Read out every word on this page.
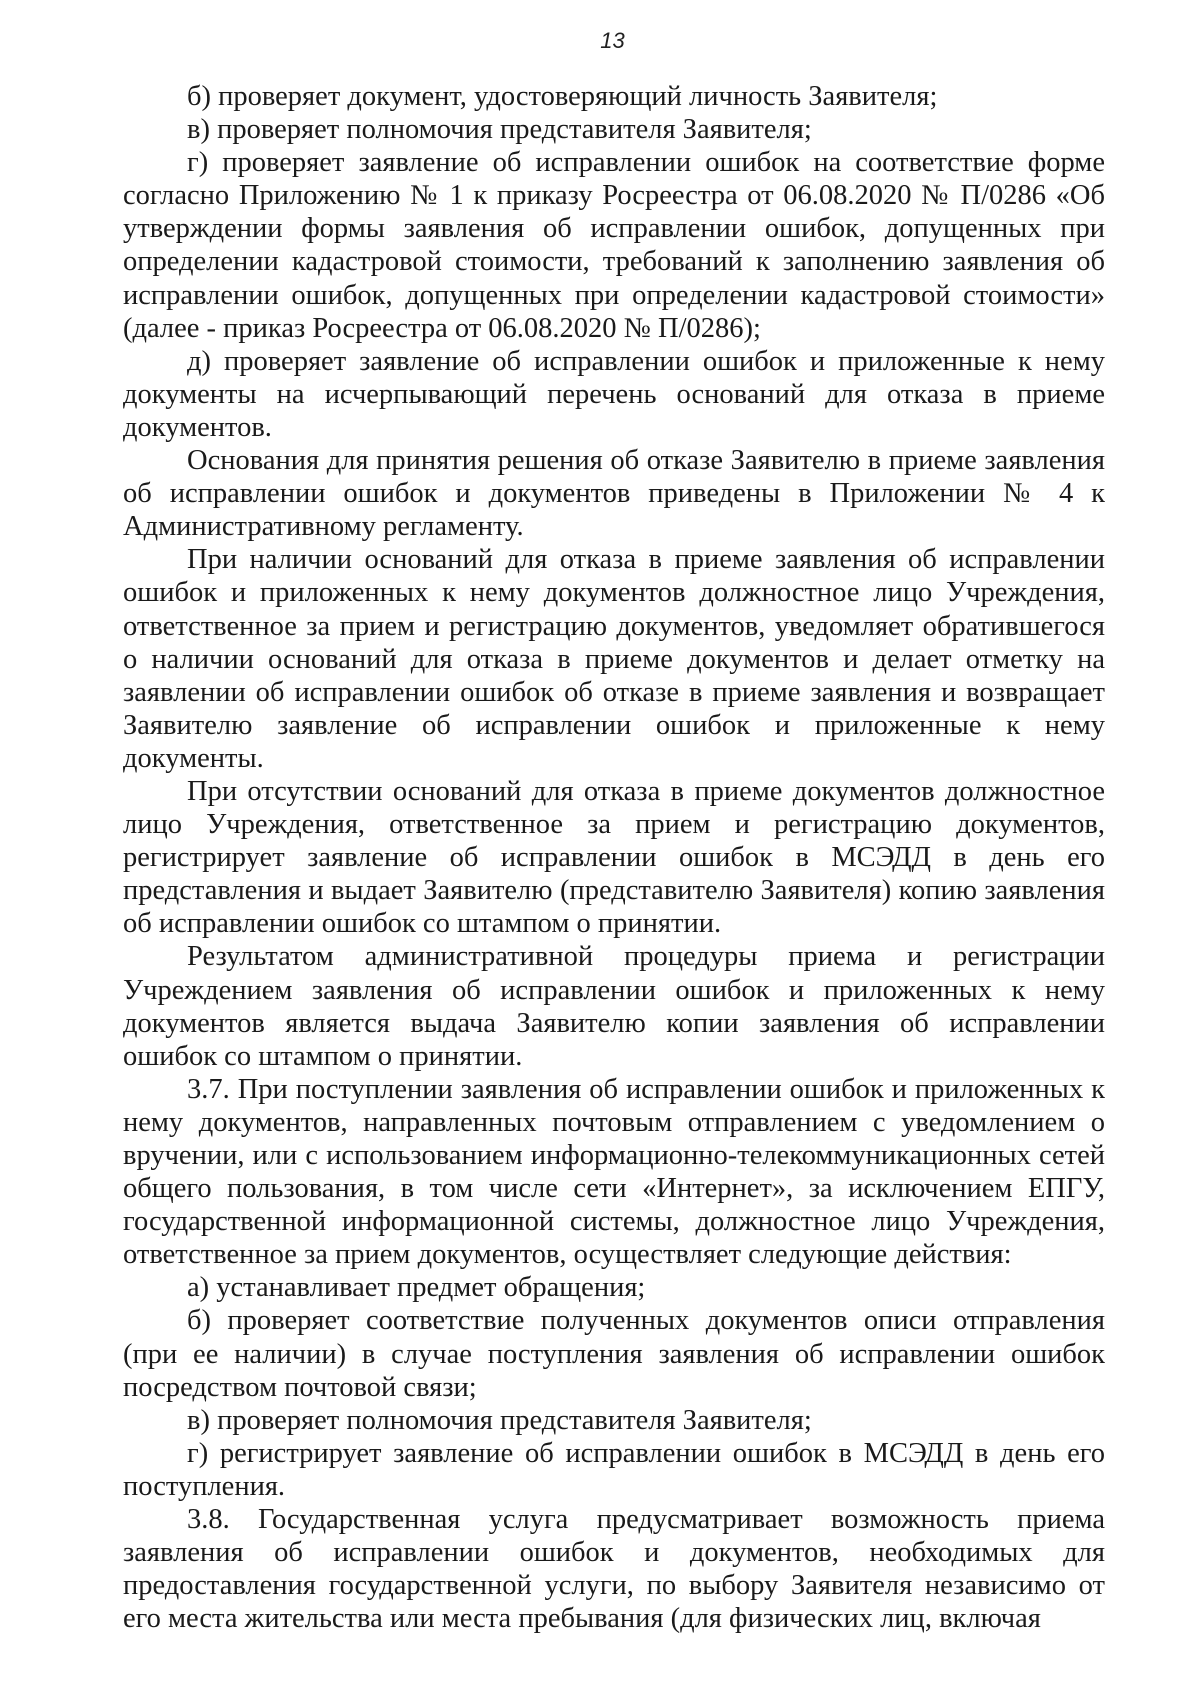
13

б) проверяет документ, удостоверяющий личность Заявителя;

в) проверяет полномочия представителя Заявителя;

г) проверяет заявление об исправлении ошибок на соответствие форме согласно Приложению № 1 к приказу Росреестра от 06.08.2020 № П/0286 «Об утверждении формы заявления об исправлении ошибок, допущенных при определении кадастровой стоимости, требований к заполнению заявления об исправлении ошибок, допущенных при определении кадастровой стоимости» (далее - приказ Росреестра от 06.08.2020 № П/0286);

д) проверяет заявление об исправлении ошибок и приложенные к нему документы на исчерпывающий перечень оснований для отказа в приеме документов.

Основания для принятия решения об отказе Заявителю в приеме заявления об исправлении ошибок и документов приведены в Приложении № 4 к Административному регламенту.

При наличии оснований для отказа в приеме заявления об исправлении ошибок и приложенных к нему документов должностное лицо Учреждения, ответственное за прием и регистрацию документов, уведомляет обратившегося о наличии оснований для отказа в приеме документов и делает отметку на заявлении об исправлении ошибок об отказе в приеме заявления и возвращает Заявителю заявление об исправлении ошибок и приложенные к нему документы.

При отсутствии оснований для отказа в приеме документов должностное лицо Учреждения, ответственное за прием и регистрацию документов, регистрирует заявление об исправлении ошибок в МСЭДД в день его представления и выдает Заявителю (представителю Заявителя) копию заявления об исправлении ошибок со штампом о принятии.

Результатом административной процедуры приема и регистрации Учреждением заявления об исправлении ошибок и приложенных к нему документов является выдача Заявителю копии заявления об исправлении ошибок со штампом о принятии.

3.7. При поступлении заявления об исправлении ошибок и приложенных к нему документов, направленных почтовым отправлением с уведомлением о вручении, или с использованием информационно-телекоммуникационных сетей общего пользования, в том числе сети «Интернет», за исключением ЕПГУ, государственной информационной системы, должностное лицо Учреждения, ответственное за прием документов, осуществляет следующие действия:

а) устанавливает предмет обращения;

б) проверяет соответствие полученных документов описи отправления (при ее наличии) в случае поступления заявления об исправлении ошибок посредством почтовой связи;

в) проверяет полномочия представителя Заявителя;

г) регистрирует заявление об исправлении ошибок в МСЭДД в день его поступления.

3.8. Государственная услуга предусматривает возможность приема заявления об исправлении ошибок и документов, необходимых для предоставления государственной услуги, по выбору Заявителя независимо от его места жительства или места пребывания (для физических лиц, включая
